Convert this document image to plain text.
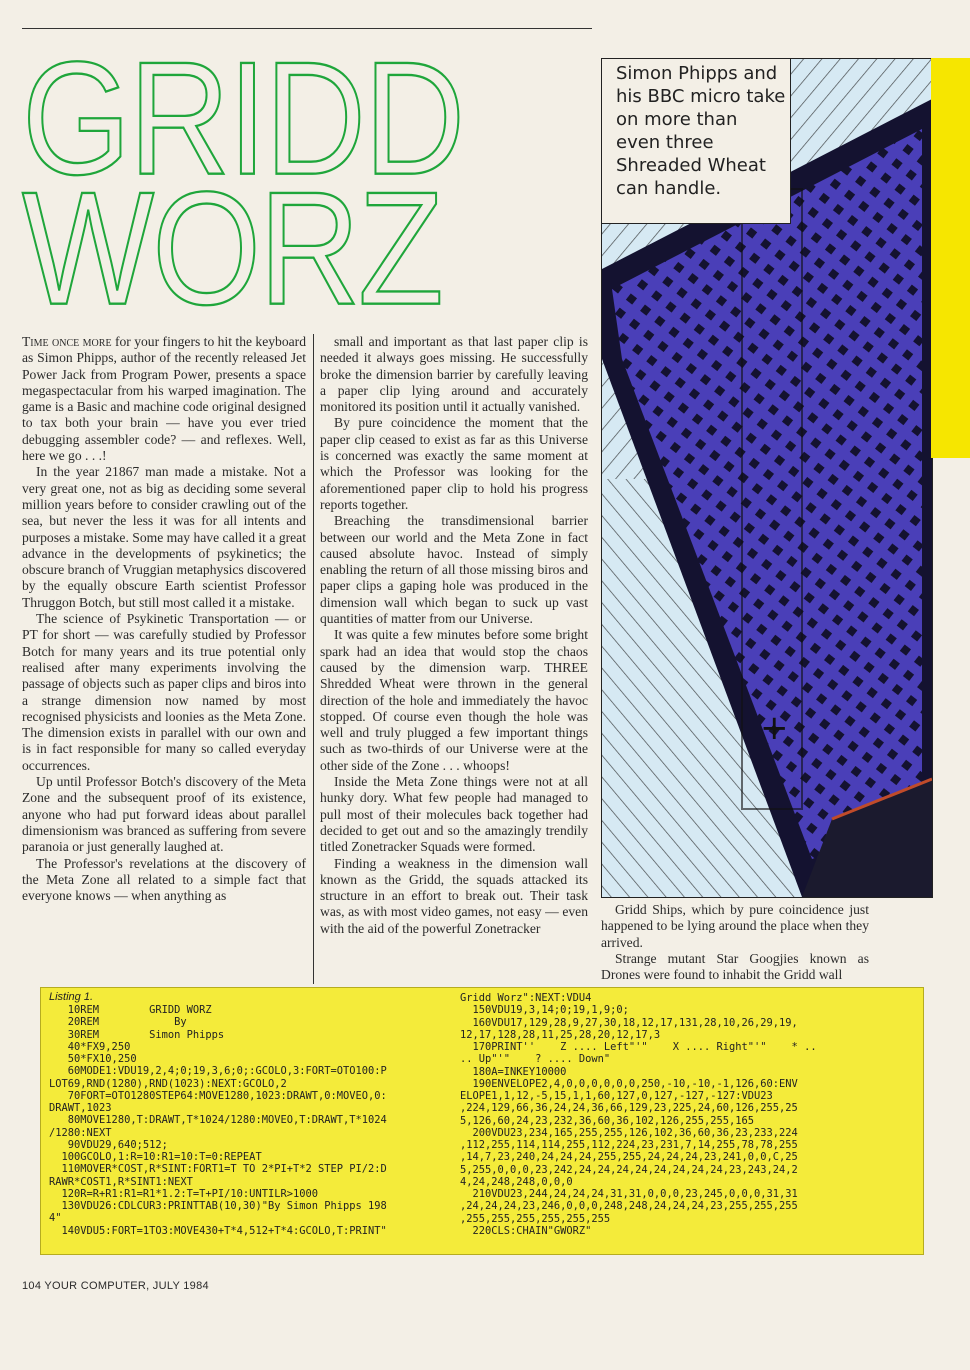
GRIDD
WORZ
+
Simon Phipps and his BBC micro take on more than even three Shreaded Wheat can handle.

Time once more for your fingers to hit the keyboard as Simon Phipps, author of the recently released Jet Power Jack from Program Power, presents a space megaspectacular from his warped imagination. The game is a Basic and machine code original designed to tax both your brain — have you ever tried debugging assembler code? — and reflexes. Well, here we go . . .!

In the year 21867 man made a mistake. Not a very great one, not as big as deciding some several million years before to consider crawling out of the sea, but never the less it was for all intents and purposes a mistake. Some may have called it a great advance in the developments of psykinetics; the obscure branch of Vruggian metaphysics discovered by the equally obscure Earth scientist Professor Thruggon Botch, but still most called it a mistake.

The science of Psykinetic Transportation — or PT for short — was carefully studied by Professor Botch for many years and its true potential only realised after many experiments involving the passage of objects such as paper clips and biros into a strange dimension now named by most recognised physicists and loonies as the Meta Zone. The dimension exists in parallel with our own and is in fact responsible for many so called everyday occurrences.

Up until Professor Botch's discovery of the Meta Zone and the subsequent proof of its existence, anyone who had put forward ideas about parallel dimensionism was branced as suffering from severe paranoia or just generally laughed at.

The Professor's revelations at the discovery of the Meta Zone all related to a simple fact that everyone knows — when anything as

small and important as that last paper clip is needed it always goes missing. He successfully broke the dimension barrier by carefully leaving a paper clip lying around and accurately monitored its position until it actually vanished.

By pure coincidence the moment that the paper clip ceased to exist as far as this Universe is concerned was exactly the same moment at which the Professor was looking for the aforementioned paper clip to hold his progress reports together.

Breaching the transdimensional barrier between our world and the Meta Zone in fact caused absolute havoc. Instead of simply enabling the return of all those missing biros and paper clips a gaping hole was produced in the dimension wall which began to suck up vast quantities of matter from our Universe.

It was quite a few minutes before some bright spark had an idea that would stop the chaos caused by the dimension warp. THREE Shredded Wheat were thrown in the general direction of the hole and immediately the havoc stopped. Of course even though the hole was well and truly plugged a few important things such as two-thirds of our Universe were at the other side of the Zone . . . whoops!

Inside the Meta Zone things were not at all hunky dory. What few people had managed to pull most of their molecules back together had decided to get out and so the amazingly trendily titled Zonetracker Squads were formed.

Finding a weakness in the dimension wall known as the Gridd, the squads attacked its structure in an effort to break out. Their task was, as with most video games, not easy — even with the aid of the powerful Zonetracker

Gridd Ships, which by pure coincidence just happened to be lying around the place when they arrived.

Strange mutant Star Googjies known as Drones were found to inhabit the Gridd wall

Listing 1.
10REM        GRIDD WORZ
20REM            By
30REM        Simon Phipps
40*FX9,250
50*FX10,250
60MODE1:VDU19,2,4;0;19,3,6;0;:GCOLO,3:FORT=OTO100:P
LOT69,RND(1280),RND(1023):NEXT:GCOLO,2
70FORT=OTO1280STEP64:MOVE1280,1023:DRAWT,0:MOVEO,0:
DRAWT,1023
80MOVE1280,T:DRAWT,T*1024/1280:MOVEO,T:DRAWT,T*1024
/1280:NEXT
90VDU29,640;512;
100GCOLO,1:R=10:R1=10:T=0:REPEAT
110MOVER*COST,R*SINT:FORT1=T TO 2*PI+T*2 STEP PI/2:D
RAWR*COST1,R*SINT1:NEXT
120R=R+R1:R1=R1*1.2:T=T+PI/10:UNTILR>1000
130VDU26:CDLCUR3:PRINTTAB(10,30)"By Simon Phipps 198
4"
140VDU5:FORT=1TO3:MOVE430+T*4,512+T*4:GCOLO,T:PRINT"
Gridd Worz":NEXT:VDU4
150VDU19,3,14;0;19,1,9;0;
160VDU17,129,28,9,27,30,18,12,17,131,28,10,26,29,19,
12,17,128,28,11,25,28,20,12,17,3
170PRINT''    Z .... Left"'"    X .... Right"'"    * ..
.. Up"'"    ? .... Down"
180A=INKEY10000
190ENVELOPE2,4,0,0,0,0,0,0,250,-10,-10,-1,126,60:ENV
ELOPE1,1,12,-5,15,1,1,60,127,0,127,-127,-127:VDU23
,224,129,66,36,24,24,36,66,129,23,225,24,60,126,255,25
5,126,60,24,23,232,36,60,36,102,126,255,255,165
200VDU23,234,165,255,255,126,102,36,60,36,23,233,224
,112,255,114,114,255,112,224,23,231,7,14,255,78,78,255
,14,7,23,240,24,24,24,255,255,24,24,24,23,241,0,0,C,25
5,255,0,0,0,23,242,24,24,24,24,24,24,24,24,23,243,24,2
4,24,248,248,0,0,0
210VDU23,244,24,24,24,31,31,0,0,0,23,245,0,0,0,31,31
,24,24,24,23,246,0,0,0,248,248,24,24,24,23,255,255,255
,255,255,255,255,255,255
220CLS:CHAIN"GWORZ"
104 YOUR COMPUTER, JULY 1984
